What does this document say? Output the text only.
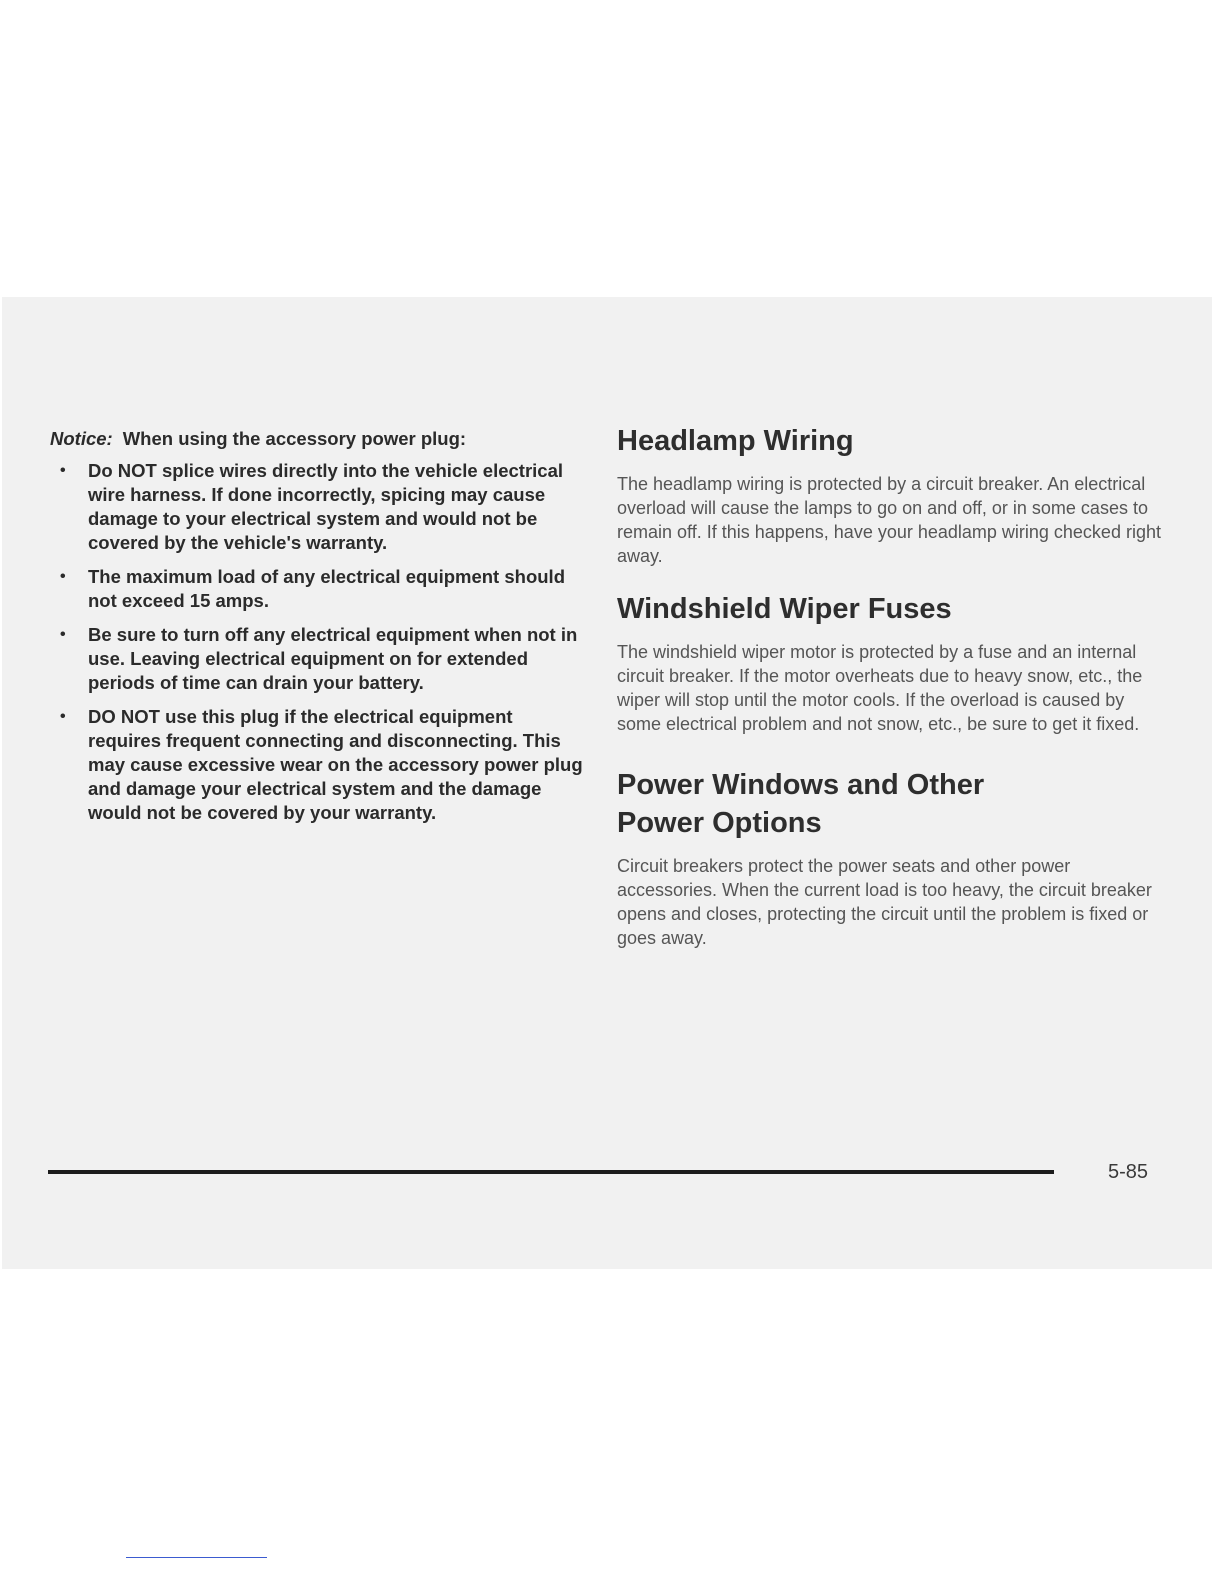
Notice: When using the accessory power plug:

• Do NOT splice wires directly into the vehicle electrical wire harness. If done incorrectly, spicing may cause damage to your electrical system and would not be covered by the vehicle's warranty.
• The maximum load of any electrical equipment should not exceed 15 amps.
• Be sure to turn off any electrical equipment when not in use. Leaving electrical equipment on for extended periods of time can drain your battery.
• DO NOT use this plug if the electrical equipment requires frequent connecting and disconnecting. This may cause excessive wear on the accessory power plug and damage your electrical system and the damage would not be covered by your warranty.
Headlamp Wiring

The headlamp wiring is protected by a circuit breaker. An electrical overload will cause the lamps to go on and off, or in some cases to remain off. If this happens, have your headlamp wiring checked right away.

Windshield Wiper Fuses

The windshield wiper motor is protected by a fuse and an internal circuit breaker. If the motor overheats due to heavy snow, etc., the wiper will stop until the motor cools. If the overload is caused by some electrical problem and not snow, etc., be sure to get it fixed.

Power Windows and Other Power Options

Circuit breakers protect the power seats and other power accessories. When the current load is too heavy, the circuit breaker opens and closes, protecting the circuit until the problem is fixed or goes away.

5-85
